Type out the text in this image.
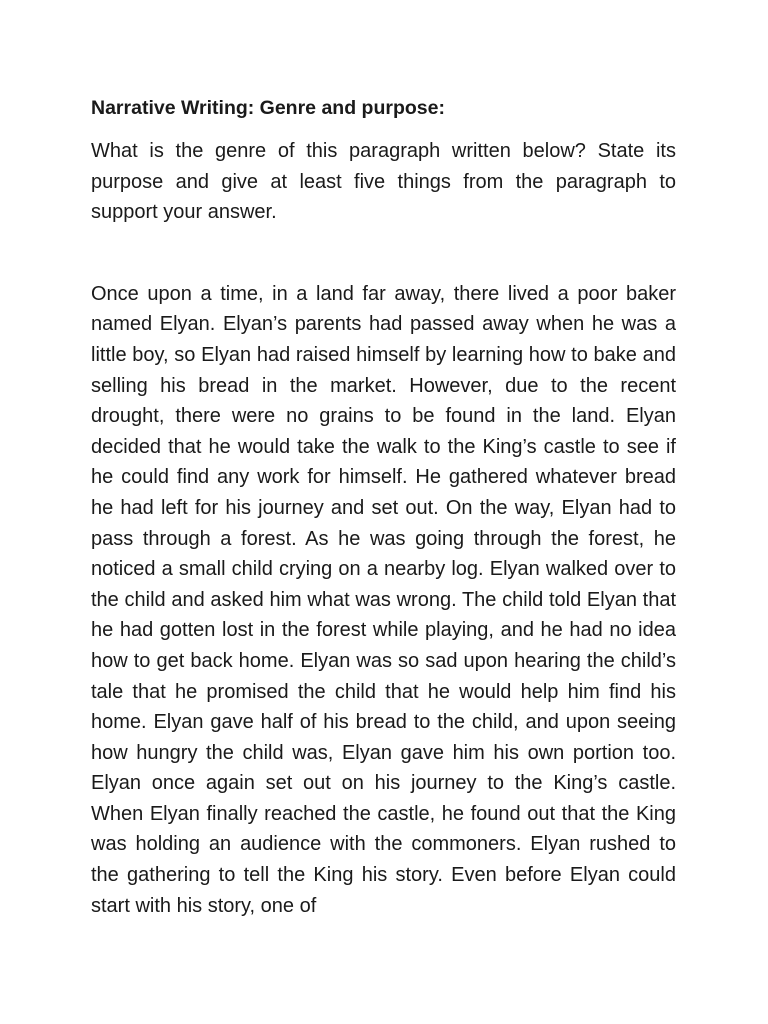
Narrative Writing: Genre and purpose:

What is the genre of this paragraph written below? State its purpose and give at least five things from the paragraph to support your answer.

Once upon a time, in a land far away, there lived a poor baker named Elyan. Elyan’s parents had passed away when he was a little boy, so Elyan had raised himself by learning how to bake and selling his bread in the market. However, due to the recent drought, there were no grains to be found in the land. Elyan decided that he would take the walk to the King’s castle to see if he could find any work for himself. He gathered whatever bread he had left for his journey and set out. On the way, Elyan had to pass through a forest. As he was going through the forest, he noticed a small child crying on a nearby log. Elyan walked over to the child and asked him what was wrong. The child told Elyan that he had gotten lost in the forest while playing, and he had no idea how to get back home. Elyan was so sad upon hearing the child’s tale that he promised the child that he would help him find his home. Elyan gave half of his bread to the child, and upon seeing how hungry the child was, Elyan gave him his own portion too. Elyan once again set out on his journey to the King’s castle. When Elyan finally reached the castle, he found out that the King was holding an audience with the commoners. Elyan rushed to the gathering to tell the King his story. Even before Elyan could start with his story, one of
